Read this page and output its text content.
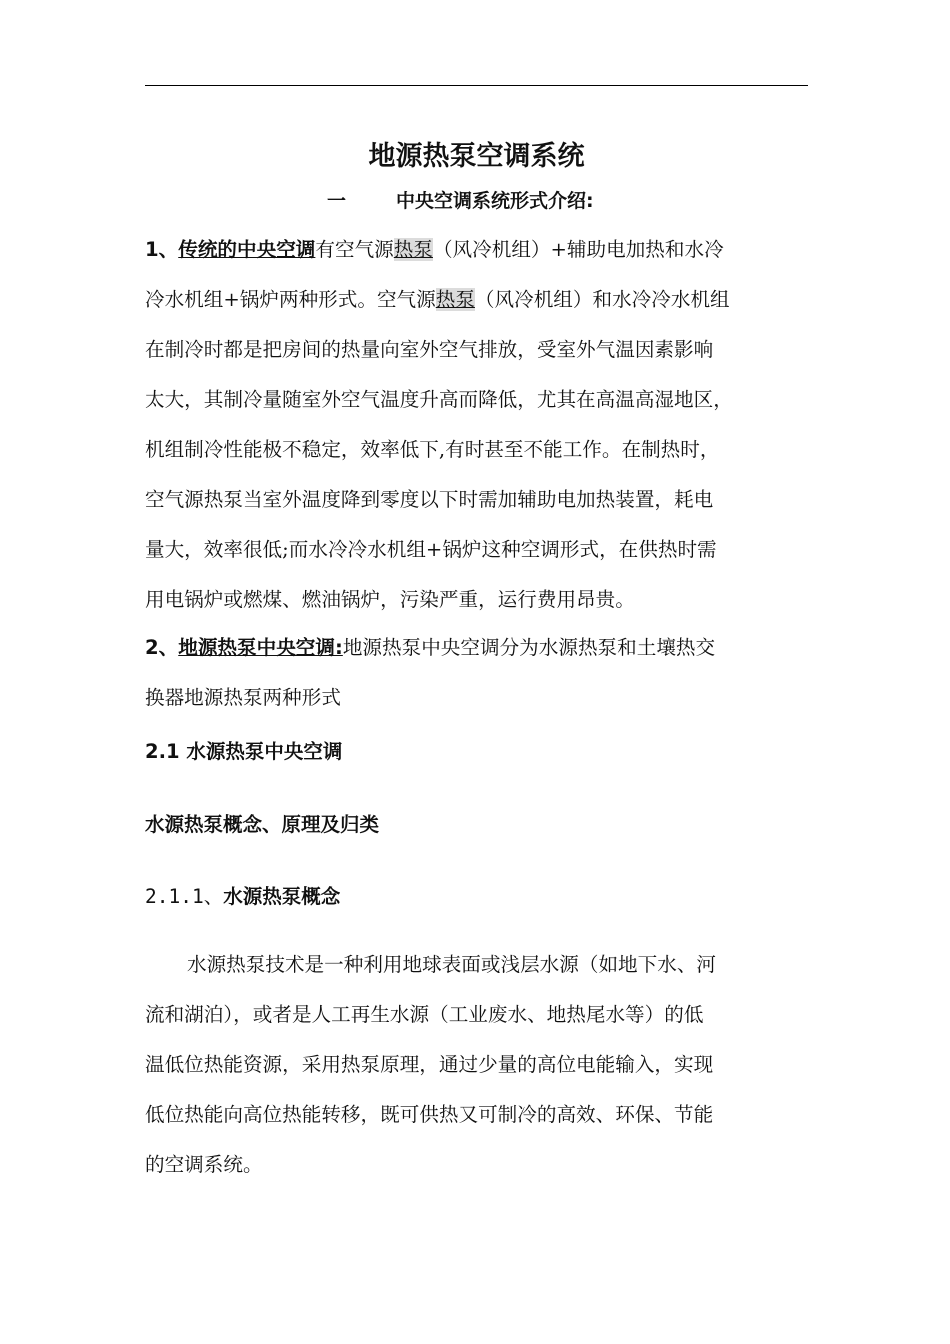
地源热泵空调系统
一	中央空调系统形式介绍:
1、传统的中央空调有空气源热泵（风冷机组）+辅助电加热和水冷
冷水机组+锅炉两种形式。空气源热泵（风冷机组）和水冷冷水机组
在制冷时都是把房间的热量向室外空气排放，受室外气温因素影响
太大，其制冷量随室外空气温度升高而降低，尤其在高温高湿地区，
机组制冷性能极不稳定，效率低下,有时甚至不能工作。在制热时，
空气源热泵当室外温度降到零度以下时需加辅助电加热装置，耗电
量大，效率很低;而水冷冷水机组+锅炉这种空调形式，在供热时需
用电锅炉或燃煤、燃油锅炉，污染严重，运行费用昂贵。
2、地源热泵中央空调:地源热泵中央空调分为水源热泵和土壤热交
换器地源热泵两种形式
2.1 水源热泵中央空调
水源热泵概念、原理及归类
2.1.1、水源热泵概念
水源热泵技术是一种利用地球表面或浅层水源（如地下水、河
流和湖泊），或者是人工再生水源（工业废水、地热尾水等）的低
温低位热能资源，采用热泵原理，通过少量的高位电能输入，实现
低位热能向高位热能转移，既可供热又可制冷的高效、环保、节能
的空调系统。
